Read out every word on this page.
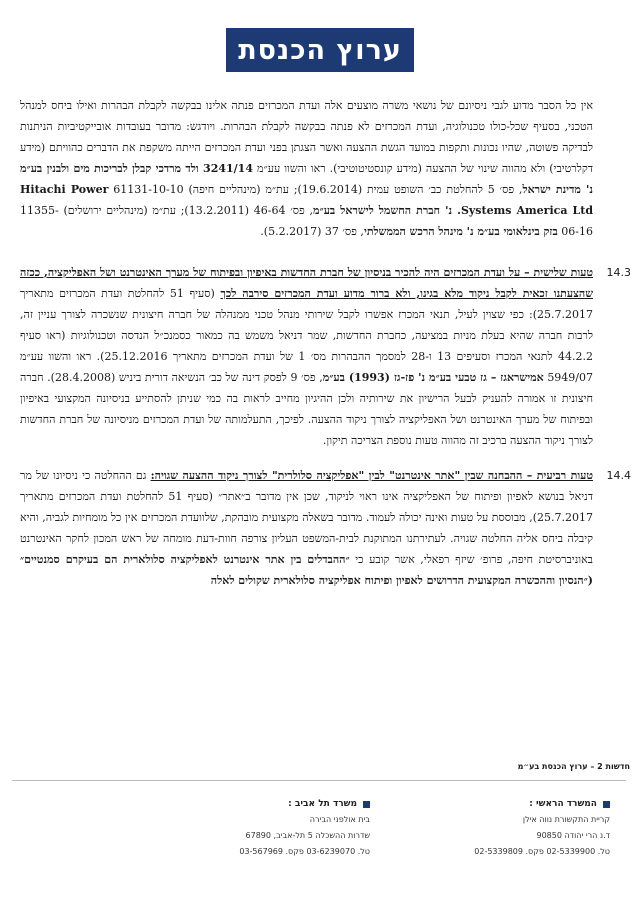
ערוץ הכנסת

אין כל הסבר מדוע לגבי ניסיונם של נושאי משרה מוצעים אלה ועדת המכרזים פנתה אלינו בבקשה לקבלת הבהרות ואילו ביחס למנהל הטכני, בסעיף שכל-כולו טכנולוגיה, ועדת המכרזים לא פנתה בבקשה לקבלת הבהרות. ויודגש: מדובר בעובדות אובייקטיביות הניתנות לבדיקה פשוטה, שהיו נכונות ותקפות במועד הגשת ההצעה ואשר הצגתן בפני ועדת המכרזים הייתה משקפת את הדברים כהוויתם (מידע דקלרטיבי) ולא מהווה שינוי של ההצעה (מידע קונסטיטוטיבי). ראו והשוו עע״מ 3241/14 ולד מרדכי קבלן לבריכות מים ולבנין בע״מ נ' מדינת ישראל, פס׳ 5 להחלטת כב׳ השופט עמית (19.6.2014); עת״מ (מינהליים חיפה) 61131-10-10 Hitachi Power Systems America Ltd. נ' חברת החשמל לישראל בע״מ, פס׳ 46-64 (13.2.2011); עת״מ (מינהליים ירושלים) 11355-06-16 בזק בינלאומי בע״מ נ' מינהל הרכש הממשלתי, פס׳ 37 (5.2.2017).

14.3

טעות שלישית – על ועדת המכרזים היה להכיר בניסיון של חברת החדשות באיפיון ובפיתוח של מערך האינטרנט ושל האפליקציה, ככזה שהצעתנו זכאית לקבל ניקוד מלא בגינו, ולא ברור מדוע ועדת המכרזים סירבה לכך (סעיף 51 להחלטת ועדת המכרזים מתאריך 25.7.2017): כפי שצוין לעיל, תנאי המכרז אפשרו לקבל שירותי מנהל טכני ממנהלה של חברה חיצונית שנשכרה לצורך עניין זה, לרבות חברה שהיא בעלת מניות במציעה, כחברת החדשות, שמר דניאל משמש בה כמאור כסמנכ״ל הנדסה וטכנולוגיות (ראו סעיף 44.2.2 לתנאי המכרז וסעיפים 13 ו-28 למסמך ההבהרות מס׳ 1 של ועדת המכרזים מתאריך 25.12.2016). ראו והשוו עע״מ 5949/07 אמישראגז – גז טבעי בע״מ נ' פז-גז (1993) בע״מ, פס׳ 9 לפסק דינה של כב׳ הנשיאה דורית ביניש (28.4.2008). חברה חיצונית זו אמורה להעניק לבעל הרישיון את שירותיה ולכן ההיגיון מחייב לראות בה כמי שניתן להסתייע בניסיונה המקצועי באיפיון ובפיתוח של מערך האינטרנט ושל האפליקציה לצורך ניקוד ההצעה. לפיכך, התעלמותה של ועדת המכרזים מניסיונה של חברת החדשות לצורך ניקוד ההצעה ברכיב זה מהווה טעות נוספת הצריכה תיקון.

14.4

טעות רביעית – ההבחנה שבין "אתר אינטרנט" לבין "אפליקציה סלולרית" לצורך ניקוד ההצעה שגויה: גם ההחלטה כי ניסיונו של מר דניאל בנושא לאפיון ופיתוח של האפליקציה אינו ראוי לניקוד, שכן אין מדובר ב״אתר״ (סעיף 51 להחלטת ועדת המכרזים מתאריך 25.7.2017), מבוססת על טעות ואינה יכולה לעמוד. מדובר בשאלה מקצועית מובהקת, שלוועדת המכרזים אין כל מומחיות לגביה, והיא קיבלה ביחס אליה החלטה שגויה. לעתירתנו המתוקנת לבית-המשפט העליון צורפה חוות-דעת מומחה של ראש המכון לחקר האינטרנט באוניברסיטת חיפה, פרופ׳ שיזף רפאלי, אשר קובע כי ״ההבדלים בין אתר אינטרנט לאפליקציה סלולארית הם בעיקרם סמנטיים״ (״הנסיון וההכשרה המקצועית הדרושים לאפיון ופיתוח אפליקציה סלולארית שקולים לאלה

חדשות 2 – ערוץ הכנסת בע״מ
המשרד הראשי :
קריית התקשורת נווה אילן
ד.נ הרי יהודה 90850
טל. 02-5339900 פקס. 02-5339809
משרד תל אביב :
בית אולפני הבירה
שדרות ההשכלה 5 תל-אביב, 67890
טל. 03-6239070 פקס. 03-567969
